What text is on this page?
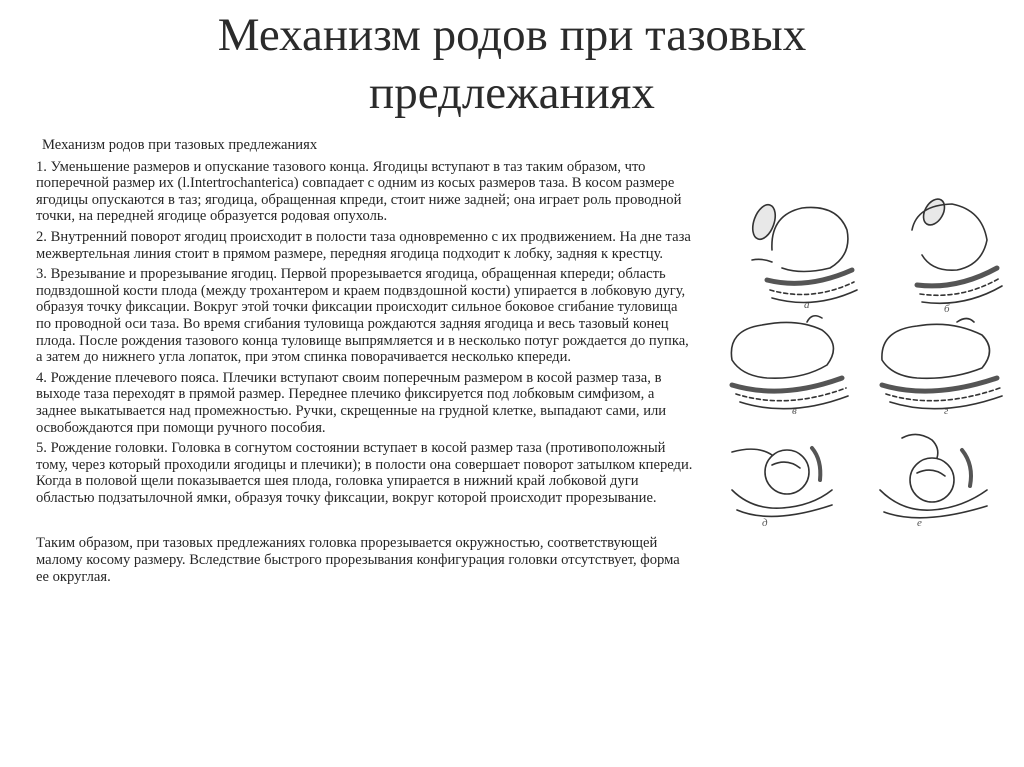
Механизм родов при тазовых
предлежаниях

Механизм родов при тазовых предлежаниях

1. Уменьшение размеров и опускание тазового конца. Ягодицы вступают в таз таким образом, что поперечной размер их (l.Intertrochanterica) совпадает с одним из косых размеров таза. В косом размере ягодицы опускаются в таз; ягодица, обращенная кпреди, стоит ниже задней; она играет роль проводной точки, на передней ягодице образуется родовая опухоль.

2. Внутренний поворот ягодиц происходит в полости таза одновременно с их продвижением. На дне таза межвертельная линия стоит в прямом размере, передняя ягодица подходит к лобку, задняя к крестцу.

3. Врезывание и прорезывание ягодиц. Первой прорезывается ягодица, обращенная кпереди; область подвздошной кости плода (между трохантером и краем подвздошной кости) упирается в лобковую дугу, образуя точку фиксации. Вокруг этой точки фиксации происходит сильное боковое сгибание туловища по проводной оси таза. Во время сгибания туловища рождаются задняя ягодица и весь тазовый конец плода. После рождения тазового конца туловище выпрямляется и в несколько потуг рождается до пупка, а затем до нижнего угла лопаток, при этом спинка поворачивается несколько кпереди.

4. Рождение плечевого пояса. Плечики вступают своим поперечным размером в косой размер таза, в выходе таза переходят в прямой размер. Переднее плечико фиксируется под лобковым симфизом, а заднее выкатывается над промежностью. Ручки, скрещенные на грудной клетке, выпадают сами, или освобождаются при помощи ручного пособия.

5. Рождение головки. Головка в согнутом состоянии вступает в косой размер таза (противоположный тому, через который проходили ягодицы и плечики); в полости она совершает поворот затылком кпереди. Когда в половой щели показывается шея плода, головка упирается в нижний край лобковой дуги областью подзатылочной ямки, образуя точку фиксации, вокруг которой происходит прорезывание.

Таким образом, при тазовых предлежаниях головка прорезывается окружностью, соответствующей малому косому размеру. Вследствие быстрого прорезывания конфигурация головки отсутствует, форма ее округлая.

а	б
в	г
д	е
